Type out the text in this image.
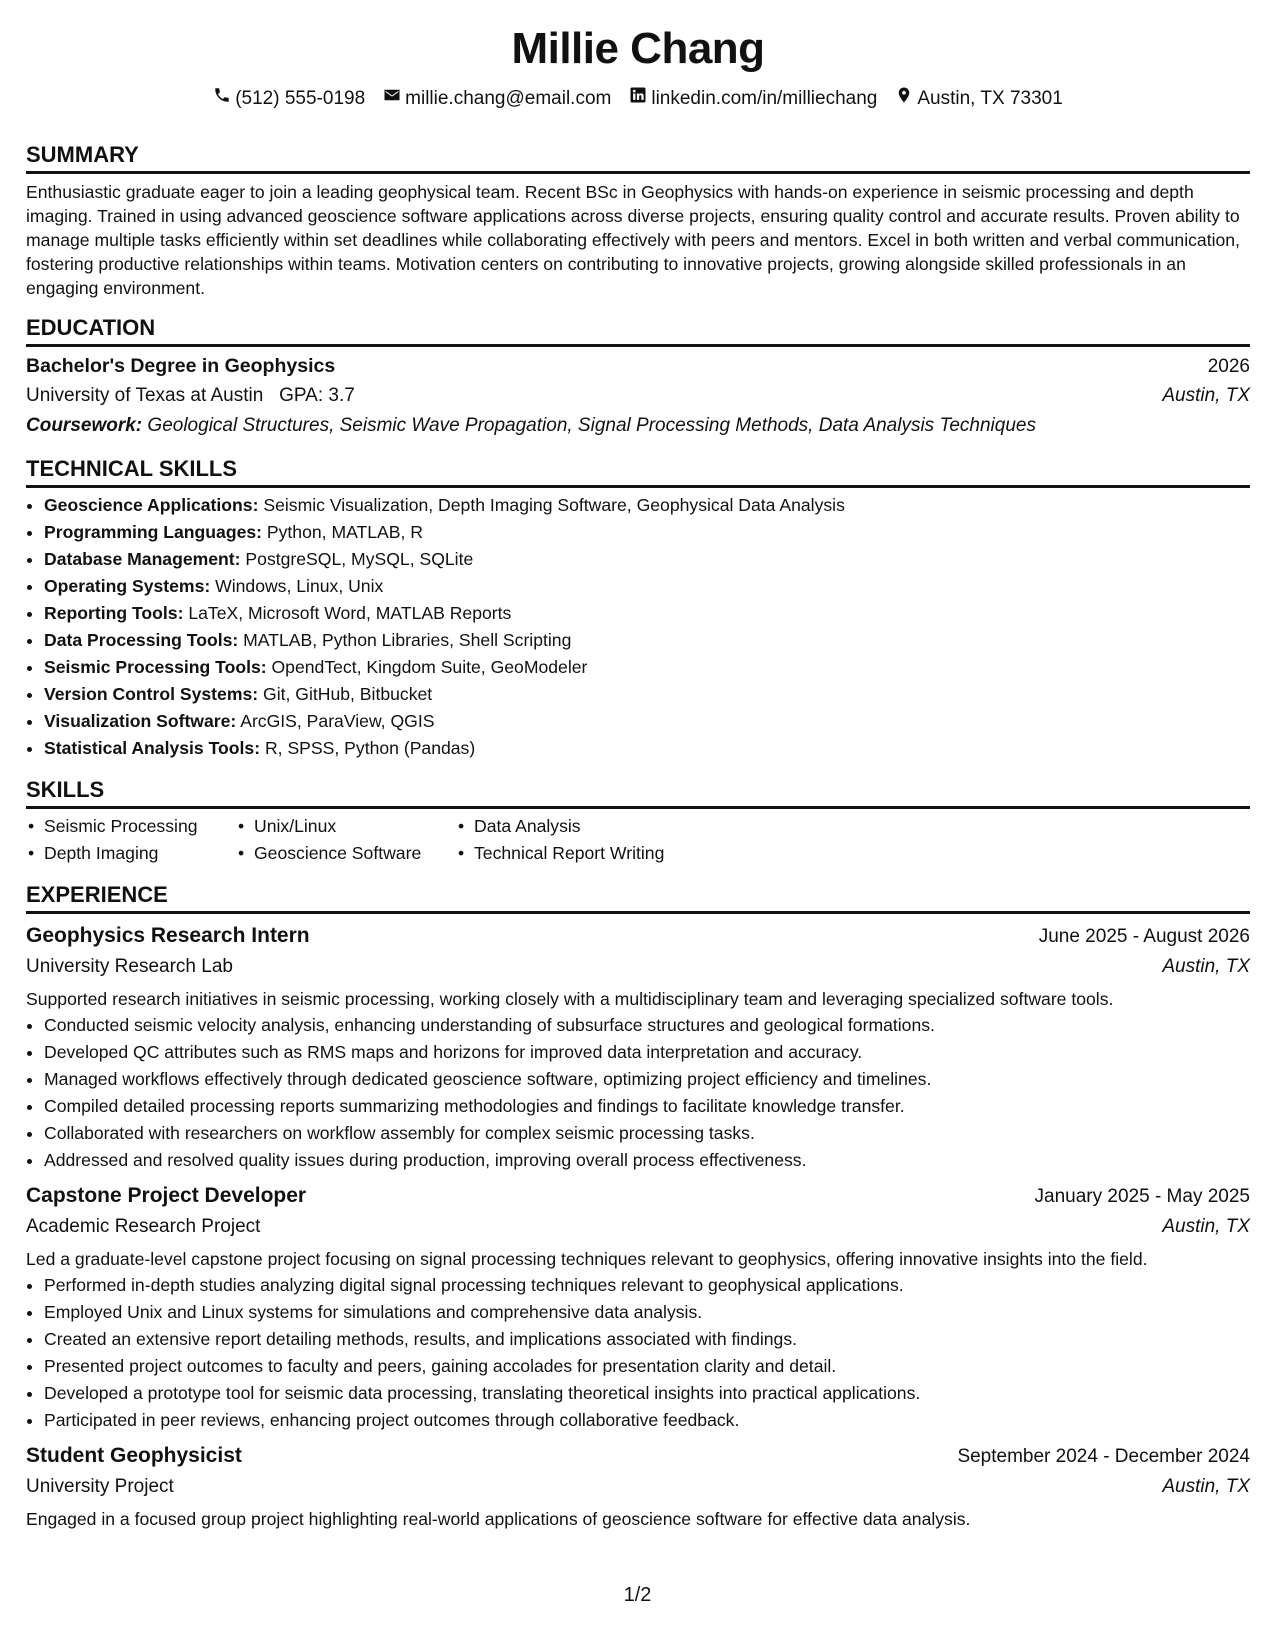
Millie Chang
(512) 555-0198 millie.chang@email.com linkedin.com/in/milliechang Austin, TX 73301
SUMMARY
Enthusiastic graduate eager to join a leading geophysical team. Recent BSc in Geophysics with hands-on experience in seismic processing and depth imaging. Trained in using advanced geoscience software applications across diverse projects, ensuring quality control and accurate results. Proven ability to manage multiple tasks efficiently within set deadlines while collaborating effectively with peers and mentors. Excel in both written and verbal communication, fostering productive relationships within teams. Motivation centers on contributing to innovative projects, growing alongside skilled professionals in an engaging environment.
EDUCATION
Bachelor's Degree in Geophysics	2026
University of Texas at Austin GPA: 3.7	Austin, TX
Coursework: Geological Structures, Seismic Wave Propagation, Signal Processing Methods, Data Analysis Techniques
TECHNICAL SKILLS
• Geoscience Applications: Seismic Visualization, Depth Imaging Software, Geophysical Data Analysis
• Programming Languages: Python, MATLAB, R
• Database Management: PostgreSQL, MySQL, SQLite
• Operating Systems: Windows, Linux, Unix
• Reporting Tools: LaTeX, Microsoft Word, MATLAB Reports
• Data Processing Tools: MATLAB, Python Libraries, Shell Scripting
• Seismic Processing Tools: OpendTect, Kingdom Suite, GeoModeler
• Version Control Systems: Git, GitHub, Bitbucket
• Visualization Software: ArcGIS, ParaView, QGIS
• Statistical Analysis Tools: R, SPSS, Python (Pandas)
SKILLS
• Seismic Processing	• Unix/Linux	• Data Analysis
• Depth Imaging	• Geoscience Software	• Technical Report Writing
EXPERIENCE
Geophysics Research Intern	June 2025 - August 2026
University Research Lab	Austin, TX
Supported research initiatives in seismic processing, working closely with a multidisciplinary team and leveraging specialized software tools.
• Conducted seismic velocity analysis, enhancing understanding of subsurface structures and geological formations.
• Developed QC attributes such as RMS maps and horizons for improved data interpretation and accuracy.
• Managed workflows effectively through dedicated geoscience software, optimizing project efficiency and timelines.
• Compiled detailed processing reports summarizing methodologies and findings to facilitate knowledge transfer.
• Collaborated with researchers on workflow assembly for complex seismic processing tasks.
• Addressed and resolved quality issues during production, improving overall process effectiveness.
Capstone Project Developer	January 2025 - May 2025
Academic Research Project	Austin, TX
Led a graduate-level capstone project focusing on signal processing techniques relevant to geophysics, offering innovative insights into the field.
• Performed in-depth studies analyzing digital signal processing techniques relevant to geophysical applications.
• Employed Unix and Linux systems for simulations and comprehensive data analysis.
• Created an extensive report detailing methods, results, and implications associated with findings.
• Presented project outcomes to faculty and peers, gaining accolades for presentation clarity and detail.
• Developed a prototype tool for seismic data processing, translating theoretical insights into practical applications.
• Participated in peer reviews, enhancing project outcomes through collaborative feedback.
Student Geophysicist	September 2024 - December 2024
University Project	Austin, TX
Engaged in a focused group project highlighting real-world applications of geoscience software for effective data analysis.
1/2
